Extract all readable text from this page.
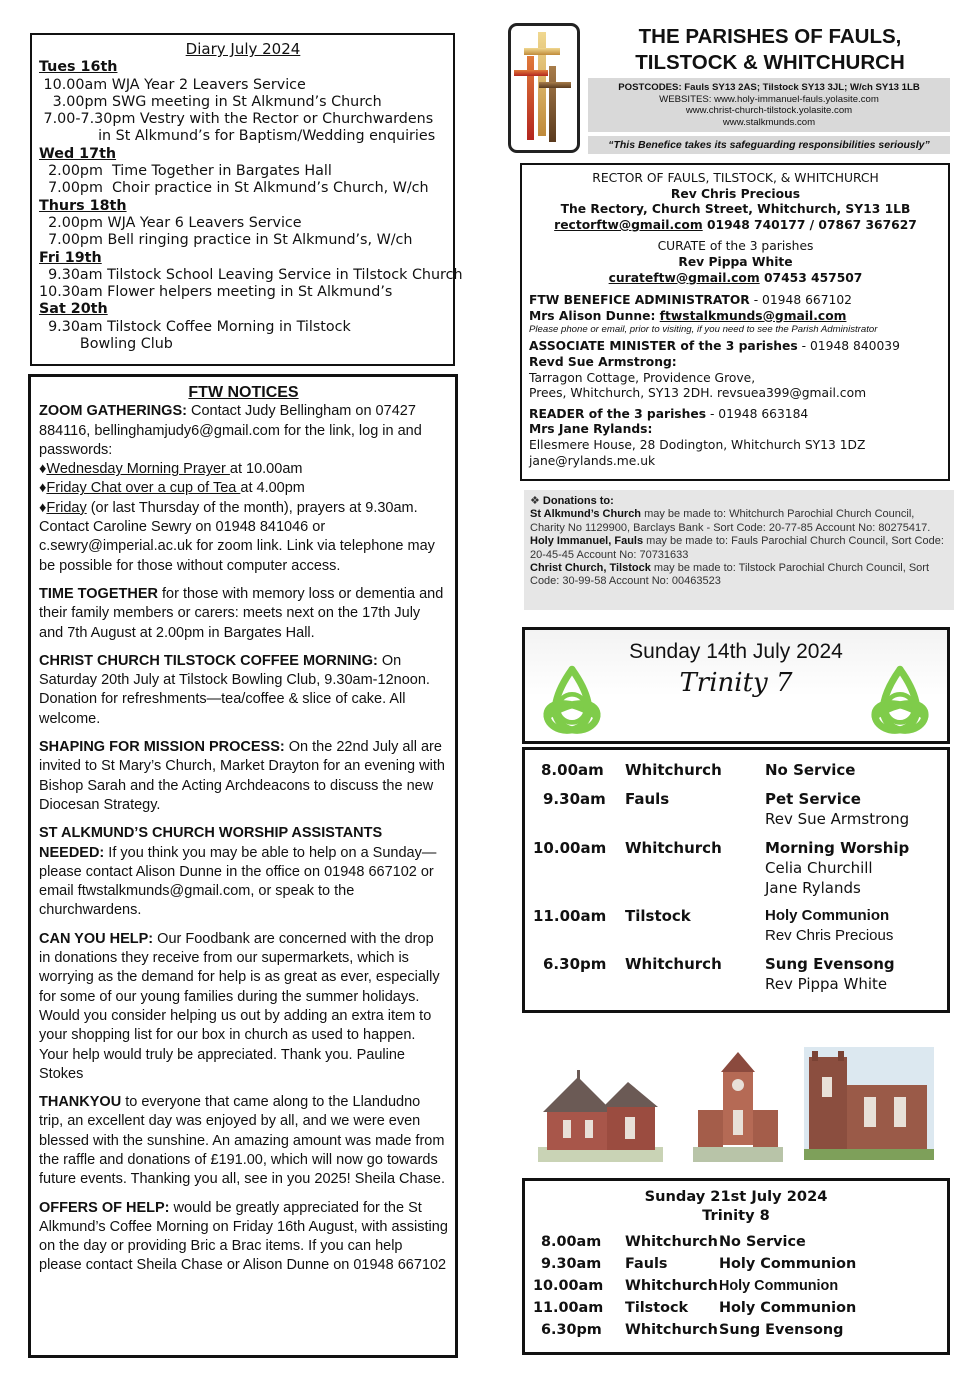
Diary July 2024
Tues 16th
10.00am WJA Year 2 Leavers Service
3.00pm SWG meeting in St Alkmund’s Church
7.00-7.30pm Vestry with the Rector or Churchwardens
in St Alkmund’s for Baptism/Wedding enquiries
Wed 17th
2.00pm  Time Together in Bargates Hall
7.00pm  Choir practice in St Alkmund’s Church, W/ch
Thurs 18th
2.00pm WJA Year 6 Leavers Service
7.00pm Bell ringing practice in St Alkmund’s, W/ch
Fri 19th
9.30am Tilstock School Leaving Service in Tilstock Church
10.30am Flower helpers meeting in St Alkmund’s
Sat 20th
9.30am Tilstock Coffee Morning in Tilstock
Bowling Club
FTW NOTICES

ZOOM GATHERINGS: Contact Judy Bellingham on 07427 884116, bellinghamjudy6@gmail.com for the link, log in and passwords:
♦Wednesday Morning Prayer at 10.00am
♦Friday Chat over a cup of Tea at 4.00pm
♦Friday (or last Thursday of the month), prayers at 9.30am. Contact Caroline Sewry on 01948 841046 or c.sewry@imperial.ac.uk for zoom link. Link via telephone may be possible for those without computer access.

TIME TOGETHER for those with memory loss or dementia and their family members or carers: meets next on the 17th July and 7th August at 2.00pm in Bargates Hall.

CHRIST CHURCH TILSTOCK COFFEE MORNING: On Saturday 20th July at Tilstock Bowling Club, 9.30am-12noon. Donation for refreshments—tea/coffee & slice of cake. All welcome.

SHAPING FOR MISSION PROCESS: On the 22nd July all are invited to St Mary’s Church, Market Drayton for an evening with Bishop Sarah and the Acting Archdeacons to discuss the new Diocesan Strategy.

ST ALKMUND’S CHURCH WORSHIP ASSISTANTS NEEDED: If you think you may be able to help on a Sunday—please contact Alison Dunne in the office on 01948 667102 or email ftwstalkmunds@gmail.com, or speak to the churchwardens.

CAN YOU HELP: Our Foodbank are concerned with the drop in donations they receive from our supermarkets, which is worrying as the demand for help is as great as ever, especially for some of our young families during the summer holidays. Would you consider helping us out by adding an extra item to your shopping list for our box in church as used to happen. Your help would truly be appreciated. Thank you. Pauline Stokes

THANKYOU to everyone that came along to the Llandudno trip, an excellent day was enjoyed by all, and we were even blessed with the sunshine. An amazing amount was made from the raffle and donations of £191.00, which will now go towards future events. Thanking you all, see in you 2025! Sheila Chase.

OFFERS OF HELP: would be greatly appreciated for the St Alkmund’s Coffee Morning on Friday 16th August, with assisting on the day or providing Bric a Brac items. If you can help please contact Sheila Chase or Alison Dunne on 01948 667102

THE PARISHES OF FAULS,
TILSTOCK & WHITCHURCH
POSTCODES: Fauls SY13 2AS; Tilstock SY13 3JL; W/ch SY13 1LB
WEBSITES: www.holy-immanuel-fauls.yolasite.com
www.christ-church-tilstock.yolasite.com
www.stalkmunds.com
“This Benefice takes its safeguarding responsibilities seriously”
RECTOR OF FAULS, TILSTOCK, & WHITCHURCH
Rev Chris Precious
The Rectory, Church Street, Whitchurch, SY13 1LB
rectorftw@gmail.com 01948 740177 / 07867 367627
CURATE of the 3 parishes
Rev Pippa White
curateftw@gmail.com 07453 457507
FTW BENEFICE ADMINISTRATOR - 01948 667102
Mrs Alison Dunne: ftwstalkmunds@gmail.com
Please phone or email, prior to visiting, if you need to see the Parish Administrator
ASSOCIATE MINISTER of the 3 parishes - 01948 840039
Revd Sue Armstrong:
Tarragon Cottage, Providence Grove,
Prees, Whitchurch, SY13 2DH. revsuea399@gmail.com
READER of the 3 parishes - 01948 663184
Mrs Jane Rylands:
Ellesmere House, 28 Dodington, Whitchurch SY13 1DZ
jane@rylands.me.uk
❖ Donations to:
St Alkmund’s Church may be made to: Whitchurch Parochial Church Council, Charity No 1129900, Barclays Bank - Sort Code: 20-77-85 Account No: 80275417.
Holy Immanuel, Fauls may be made to: Fauls Parochial Church Council, Sort Code: 20-45-45 Account No: 70731633
Christ Church, Tilstock may be made to: Tilstock Parochial Church Council, Sort Code: 30-99-58 Account No: 00463523
Sunday 14th July 2024
Trinity 7
8.00am Whitchurch	No Service
9.30am Fauls	Pet Service
Rev Sue Armstrong
10.00am Whitchurch	Morning Worship
Celia Churchill
Jane Rylands
11.00am Tilstock	Holy Communion
Rev Chris Precious
6.30pm Whitchurch	Sung Evensong
Rev Pippa White
Sunday 21st July 2024
Trinity 8
8.00am Whitchurch No Service
9.30am Fauls	Holy Communion
10.00am Whitchurch Holy Communion
11.00am Tilstock Holy Communion
6.30pm Whitchurch Sung Evensong
